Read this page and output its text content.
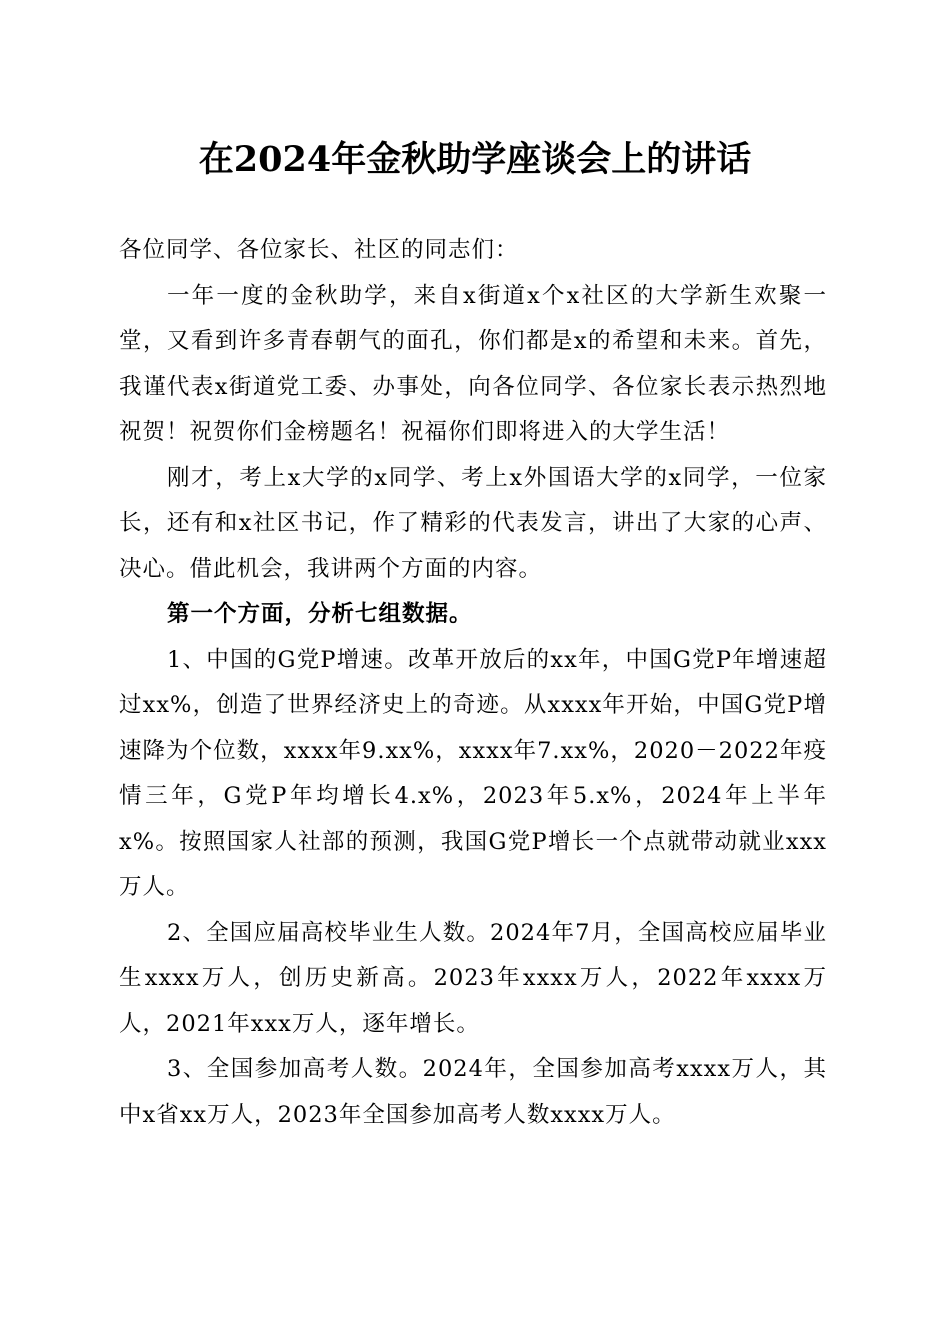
在2024年金秋助学座谈会上的讲话

各位同学、各位家长、社区的同志们：

一年一度的金秋助学，来自x街道x个x社区的大学新生欢聚一堂，又看到许多青春朝气的面孔，你们都是x的希望和未来。首先，我谨代表x街道党工委、办事处，向各位同学、各位家长表示热烈地祝贺！祝贺你们金榜题名！祝福你们即将进入的大学生活！

刚才，考上x大学的x同学、考上x外国语大学的x同学，一位家长，还有和x社区书记，作了精彩的代表发言，讲出了大家的心声、决心。借此机会，我讲两个方面的内容。

第一个方面，分析七组数据。

1、中国的G党P增速。改革开放后的xx年，中国G党P年增速超过xx%，创造了世界经济史上的奇迹。从xxxx年开始，中国G党P增速降为个位数，xxxx年9.xx%，xxxx年7.xx%，2020－2022年疫情三年，G党P年均增长4.x%，2023年5.x%，2024年上半年x%。按照国家人社部的预测，我国G党P增长一个点就带动就业xxx万人。

2、全国应届高校毕业生人数。2024年7月，全国高校应届毕业生xxxx万人，创历史新高。2023年xxxx万人，2022年xxxx万人，2021年xxx万人，逐年增长。

3、全国参加高考人数。2024年，全国参加高考xxxx万人，其中x省xx万人，2023年全国参加高考人数xxxx万人。
